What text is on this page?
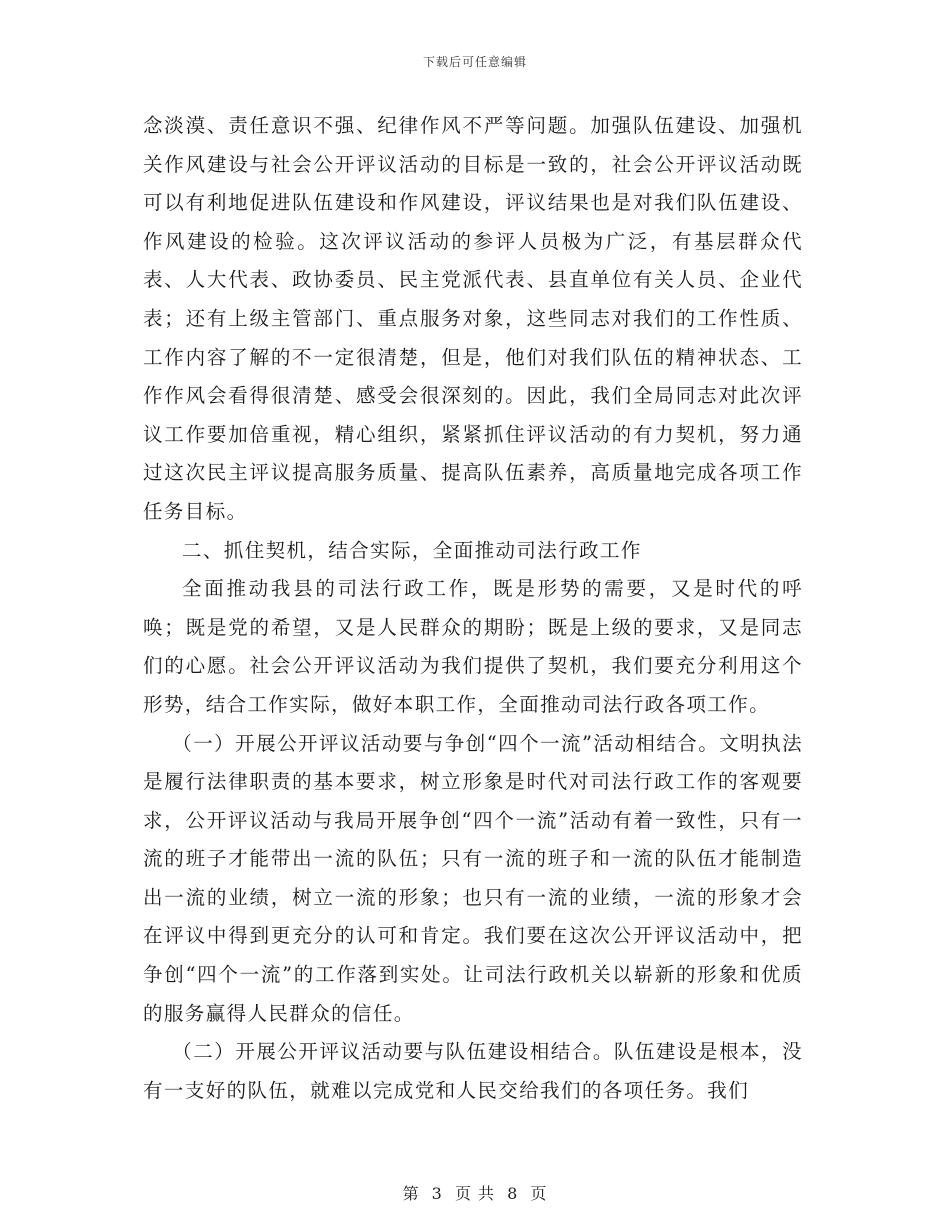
下载后可任意编辑

念淡漠、责任意识不强、纪律作风不严等问题。加强队伍建设、加强机关作风建设与社会公开评议活动的目标是一致的，社会公开评议活动既可以有利地促进队伍建设和作风建设，评议结果也是对我们队伍建设、作风建设的检验。这次评议活动的参评人员极为广泛，有基层群众代表、人大代表、政协委员、民主党派代表、县直单位有关人员、企业代表；还有上级主管部门、重点服务对象，这些同志对我们的工作性质、工作内容了解的不一定很清楚，但是，他们对我们队伍的精神状态、工作作风会看得很清楚、感受会很深刻的。因此，我们全局同志对此次评议工作要加倍重视，精心组织，紧紧抓住评议活动的有力契机，努力通过这次民主评议提高服务质量、提高队伍素养，高质量地完成各项工作任务目标。

二、抓住契机，结合实际，全面推动司法行政工作

全面推动我县的司法行政工作，既是形势的需要，又是时代的呼唤；既是党的希望，又是人民群众的期盼；既是上级的要求，又是同志们的心愿。社会公开评议活动为我们提供了契机，我们要充分利用这个形势，结合工作实际，做好本职工作，全面推动司法行政各项工作。

（一）开展公开评议活动要与争创“四个一流”活动相结合。文明执法是履行法律职责的基本要求，树立形象是时代对司法行政工作的客观要求，公开评议活动与我局开展争创“四个一流”活动有着一致性，只有一流的班子才能带出一流的队伍；只有一流的班子和一流的队伍才能制造出一流的业绩，树立一流的形象；也只有一流的业绩，一流的形象才会在评议中得到更充分的认可和肯定。我们要在这次公开评议活动中，把争创“四个一流”的工作落到实处。让司法行政机关以崭新的形象和优质的服务赢得人民群众的信任。

（二）开展公开评议活动要与队伍建设相结合。队伍建设是根本，没有一支好的队伍，就难以完成党和人民交给我们的各项任务。我们

第 3 页 共 8 页
